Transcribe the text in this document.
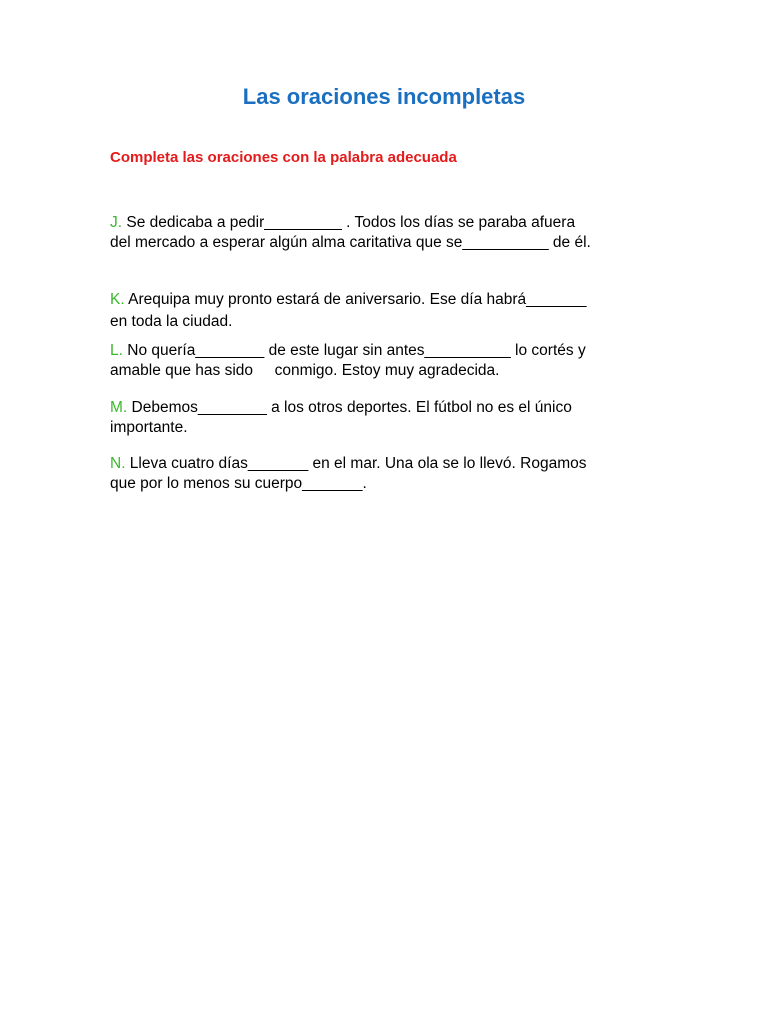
Las oraciones incompletas

Completa las oraciones con la palabra adecuada

J. Se dedicaba a pedir_________ . Todos los días se paraba afuera
del mercado a esperar algún alma caritativa que se__________ de él.

K. Arequipa muy pronto estará de aniversario. Ese día habrá_______
en toda la ciudad.

L. No quería________ de este lugar sin antes__________ lo cortés y
amable que has sido     conmigo. Estoy muy agradecida.

M. Debemos________ a los otros deportes. El fútbol no es el único
importante.

N. Lleva cuatro días_______ en el mar. Una ola se lo llevó. Rogamos
que por lo menos su cuerpo_______.
